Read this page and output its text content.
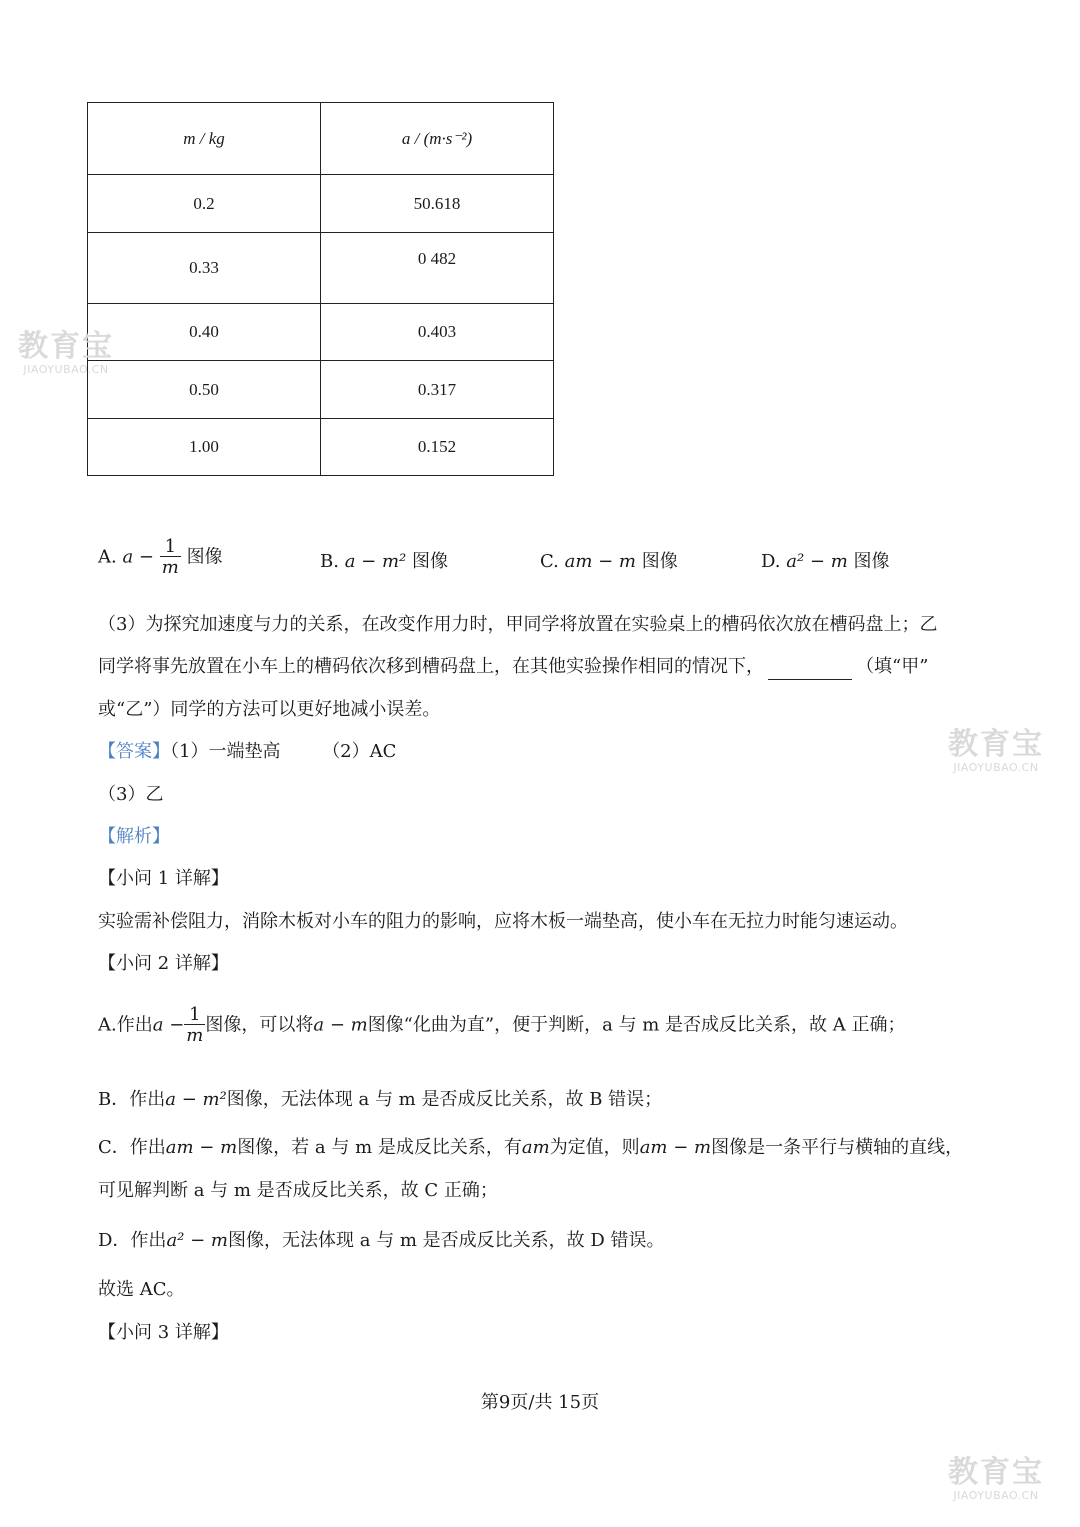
m / kg	a / (m·s⁻²)
0.2	50.618
0.33	0 482
0.40	0.403
0.50	0.317
1.00	0.152
A. $a - \frac{1}{m}$ 图像	B. a − m² 图像	C. am − m 图像	D. a² − m 图像
（3）为探究加速度与力的关系，在改变作用力时，甲同学将放置在实验桌上的槽码依次放在槽码盘上；乙
同学将事先放置在小车上的槽码依次移到槽码盘上，在其他实验操作相同的情况下，	（填“甲”
或“乙”）同学的方法可以更好地减小误差。
【答案】（1）一端垫高 （2）AC
（3）乙
【解析】
【小问 1 详解】
实验需补偿阻力，消除木板对小车的阻力的影响，应将木板一端垫高，使小车在无拉力时能匀速运动。
【小问 2 详解】
A.作出$a - \frac{1}{m}$ 图像，可以将a − m图像“化曲为直”，便于判断，a 与 m 是否成反比关系，故 A 正确；
B．作出a − m²图像，无法体现 a 与 m 是否成反比关系，故 B 错误；
C．作出am − m图像，若 a 与 m 是成反比关系，有am为定值，则am − m图像是一条平行与横轴的直线，
可见解判断 a 与 m 是否成反比关系，故 C 正确；
D．作出a² − m图像，无法体现 a 与 m 是否成反比关系，故 D 错误。
故选 AC。
【小问 3 详解】
第9页/共 15页
教育宝
JIAOYUBAO.CN
教育宝
JIAOYUBAO.CN
教育宝
JIAOYUBAO.CN
